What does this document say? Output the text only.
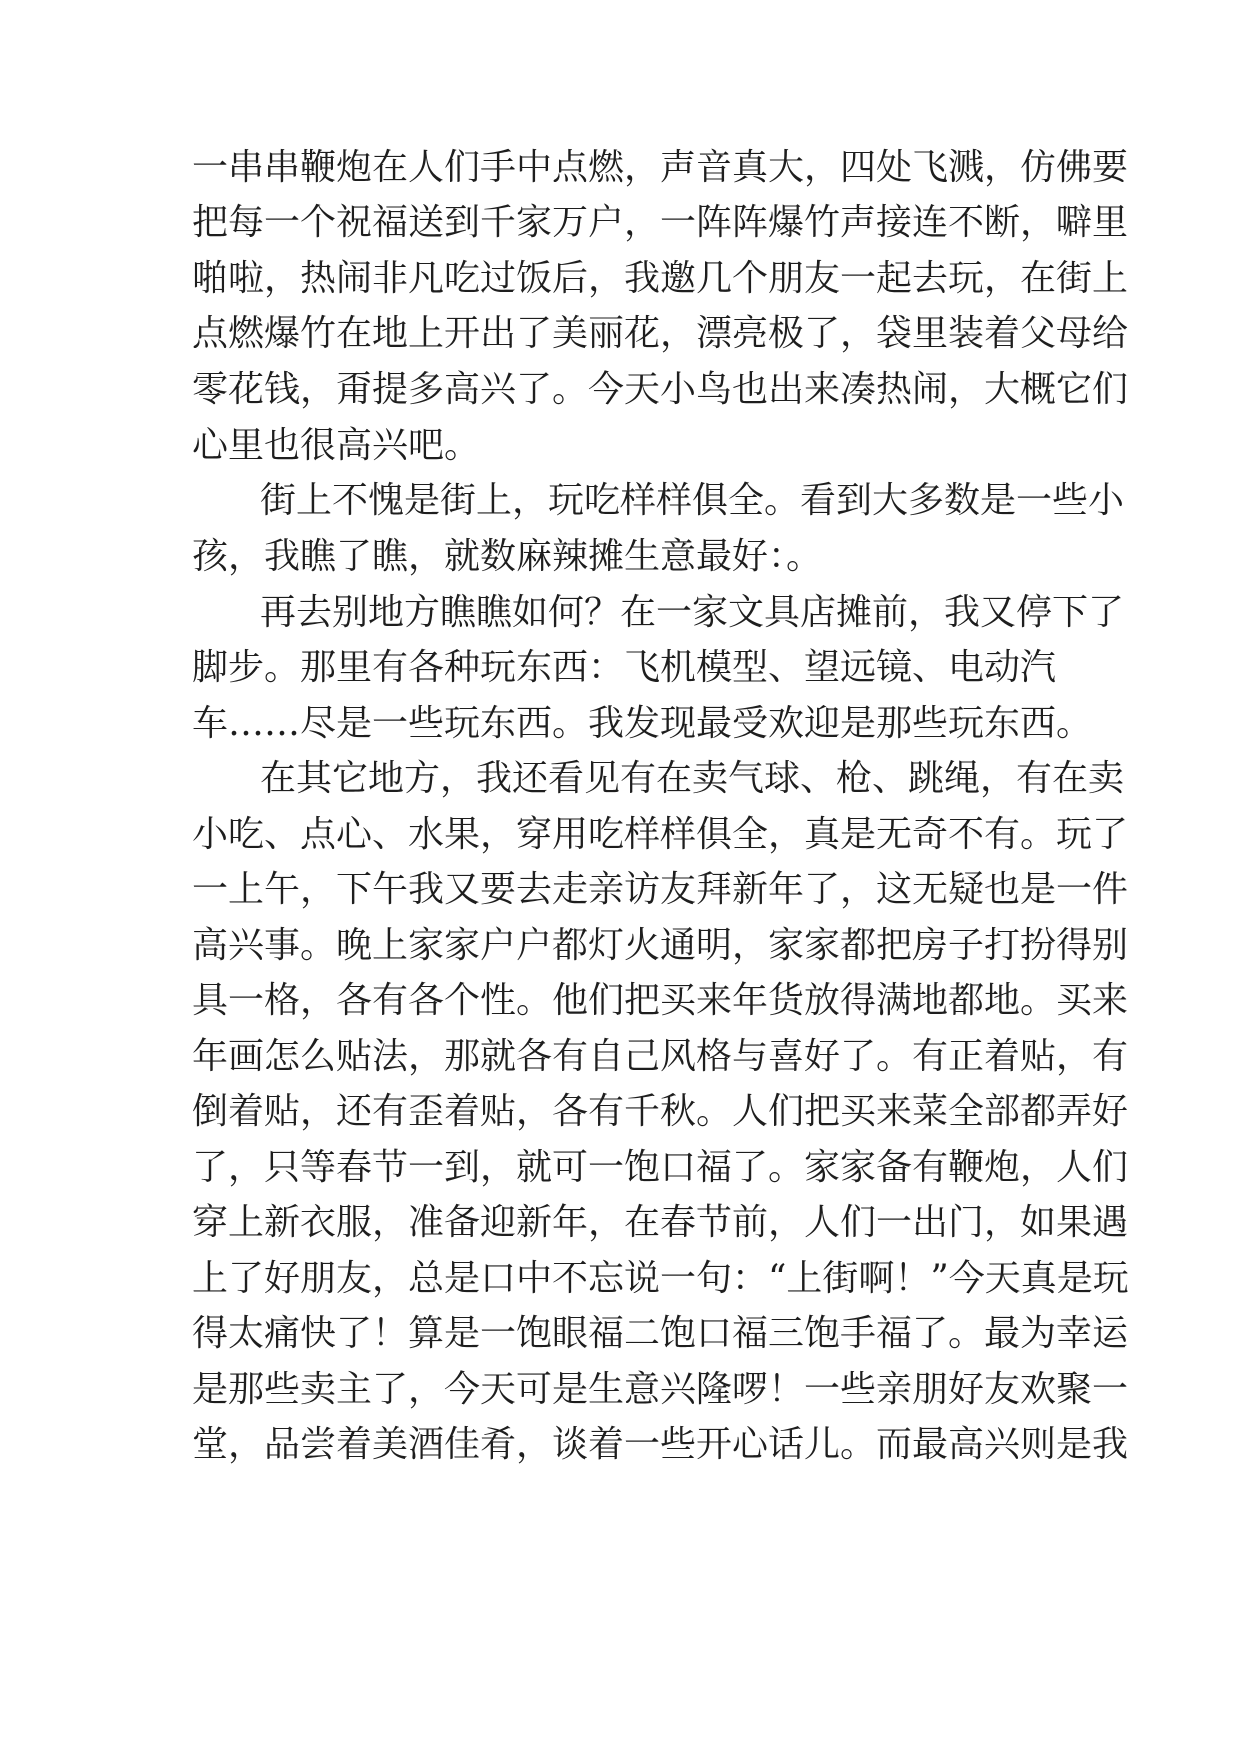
一串串鞭炮在人们手中点燃，声音真大，四处飞溅，仿佛要
把每一个祝福送到千家万户，一阵阵爆竹声接连不断，噼里
啪啦，热闹非凡吃过饭后，我邀几个朋友一起去玩，在街上
点燃爆竹在地上开出了美丽花，漂亮极了，袋里装着父母给
零花钱，甭提多高兴了。今天小鸟也出来凑热闹，大概它们
心里也很高兴吧。
街上不愧是街上，玩吃样样俱全。看到大多数是一些小
孩，我瞧了瞧，就数麻辣摊生意最好：。
再去别地方瞧瞧如何？在一家文具店摊前，我又停下了
脚步。那里有各种玩东西：飞机模型、望远镜、电动汽
车……尽是一些玩东西。我发现最受欢迎是那些玩东西。
在其它地方，我还看见有在卖气球、枪、跳绳，有在卖
小吃、点心、水果，穿用吃样样俱全，真是无奇不有。玩了
一上午，下午我又要去走亲访友拜新年了，这无疑也是一件
高兴事。晚上家家户户都灯火通明，家家都把房子打扮得别
具一格，各有各个性。他们把买来年货放得满地都地。买来
年画怎么贴法，那就各有自己风格与喜好了。有正着贴，有
倒着贴，还有歪着贴，各有千秋。人们把买来菜全部都弄好
了，只等春节一到，就可一饱口福了。家家备有鞭炮，人们
穿上新衣服，准备迎新年，在春节前，人们一出门，如果遇
上了好朋友，总是口中不忘说一句：“上街啊！”今天真是玩
得太痛快了！算是一饱眼福二饱口福三饱手福了。最为幸运
是那些卖主了，今天可是生意兴隆啰！一些亲朋好友欢聚一
堂，品尝着美酒佳肴，谈着一些开心话儿。而最高兴则是我
